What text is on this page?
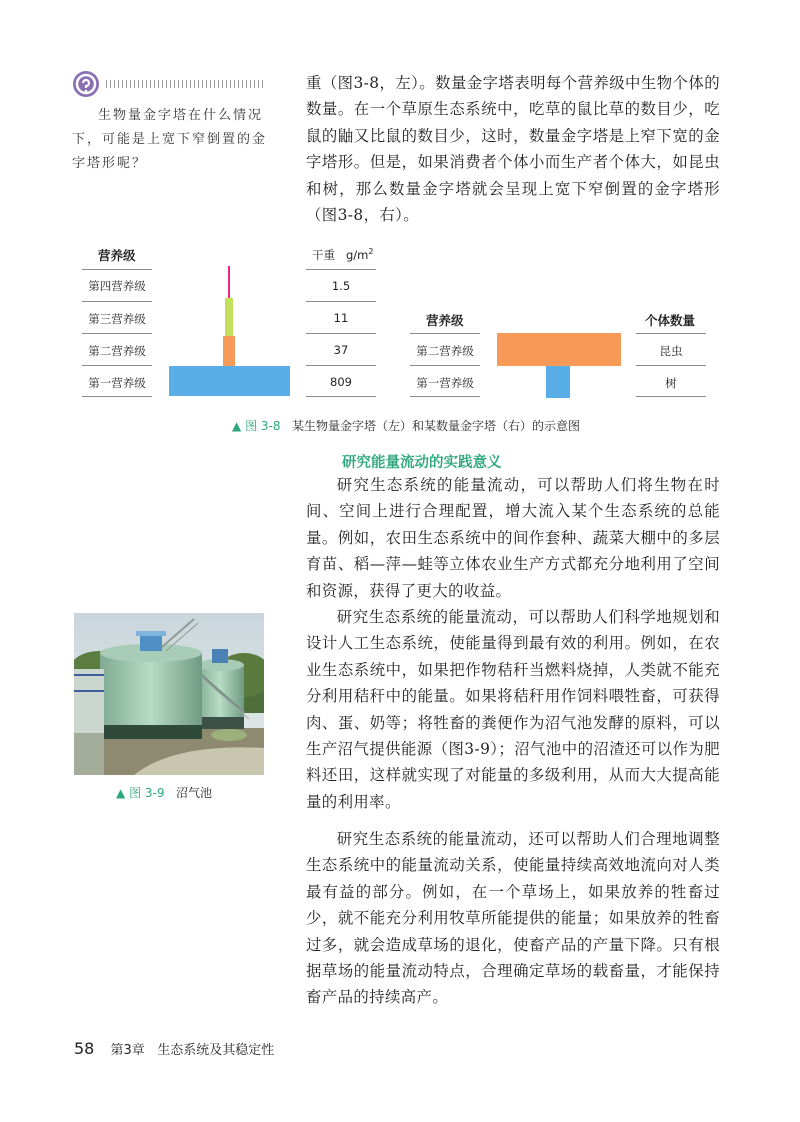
生物量金字塔在什么情况下，可能是上宽下窄倒置的金字塔形呢？

重（图3-8，左）。数量金字塔表明每个营养级中生物个体的数量。在一个草原生态系统中，吃草的鼠比草的数目少，吃鼠的鼬又比鼠的数目少，这时，数量金字塔是上窄下宽的金字塔形。但是，如果消费者个体小而生产者个体大，如昆虫和树，那么数量金字塔就会呈现上宽下窄倒置的金字塔形（图3-8，右）。

营养级	干重 $g/m^2$
第四营养级
第三营养级
第二营养级
第一营养级
1.5
11
37
809
营养级	个体数量
第二营养级
第一营养级
昆虫
树
▲ 图 3-8 某生物量金字塔（左）和某数量金字塔（右）的示意图
研究能量流动的实践意义

研究生态系统的能量流动，可以帮助人们将生物在时间、空间上进行合理配置，增大流入某个生态系统的总能量。例如，农田生态系统中的间作套种、蔬菜大棚中的多层育苗、稻—萍—蛙等立体农业生产方式都充分地利用了空间和资源，获得了更大的收益。

研究生态系统的能量流动，可以帮助人们科学地规划和设计人工生态系统，使能量得到最有效的利用。例如，在农业生态系统中，如果把作物秸秆当燃料烧掉，人类就不能充分利用秸秆中的能量。如果将秸秆用作饲料喂牲畜，可获得肉、蛋、奶等；将牲畜的粪便作为沼气池发酵的原料，可以生产沼气提供能源（图3-9）；沼气池中的沼渣还可以作为肥料还田，这样就实现了对能量的多级利用，从而大大提高能量的利用率。

研究生态系统的能量流动，还可以帮助人们合理地调整生态系统中的能量流动关系，使能量持续高效地流向对人类最有益的部分。例如，在一个草场上，如果放养的牲畜过少，就不能充分利用牧草所能提供的能量；如果放养的牲畜过多，就会造成草场的退化，使畜产品的产量下降。只有根据草场的能量流动特点，合理确定草场的载畜量，才能保持畜产品的持续高产。

▲ 图 3-9 沼气池
58 第3章 生态系统及其稳定性
